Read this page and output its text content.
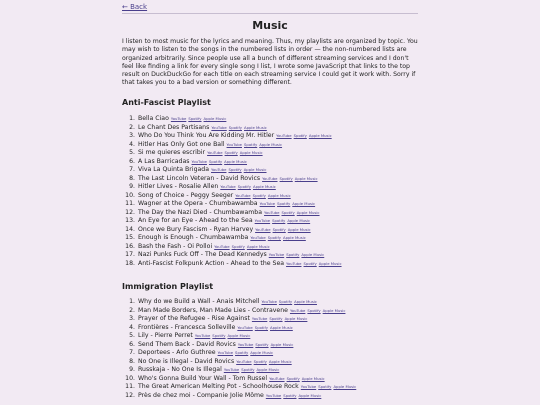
← Back
Music

I listen to most music for the lyrics and meaning. Thus, my playlists are organized by topic. You may wish to listen to the songs in the numbered lists in order — the non-numbered lists are organized arbitrarily. Since people use all a bunch of different streaming services and I don't feel like finding a link for every single song I list, I wrote some JavaScript that links to the top result on DuckDuckGo for each title on each streaming service I could get it work with. Sorry if that takes you to a bad version or something different.

Anti-Fascist Playlist
1. Bella Ciao YouTube Spotify Apple Music
2. Le Chant Des Partisans YouTube Spotify Apple Music
3. Who Do You Think You Are Kidding Mr. Hitler YouTube Spotify Apple Music
4. Hitler Has Only Got one Ball YouTube Spotify Apple Music
5. Si me quieres escribir YouTube Spotify Apple Music
6. A Las Barricadas YouTube Spotify Apple Music
7. Viva La Quinta Brigada YouTube Spotify Apple Music
8. The Last Lincoln Veteran - David Rovics YouTube Spotify Apple Music
9. Hitler Lives - Rosalie Allen YouTube Spotify Apple Music
10. Song of Choice - Peggy Seeger YouTube Spotify Apple Music
11. Wagner at the Opera - Chumbawamba YouTube Spotify Apple Music
12. The Day the Nazi Died - Chumbawamba YouTube Spotify Apple Music
13. An Eye for an Eye - Ahead to the Sea YouTube Spotify Apple Music
14. Once we Bury Fascism - Ryan Harvey YouTube Spotify Apple Music
15. Enough is Enough - Chumbawamba YouTube Spotify Apple Music
16. Bash the Fash - Oi Polloi YouTube Spotify Apple Music
17. Nazi Punks Fuck Off - The Dead Kennedys YouTube Spotify Apple Music
18. Anti-Fascist Folkpunk Action - Ahead to the Sea YouTube Spotify Apple Music
Immigration Playlist
1. Why do we Build a Wall - Anais Mitchell YouTube Spotify Apple Music
2. Man Made Borders, Man Made Lies - Contravene YouTube Spotify Apple Music
3. Prayer of the Refugee - Rise Against YouTube Spotify Apple Music
4. Frontières - Francesca Solleville YouTube Spotify Apple Music
5. Lily - Pierre Perret YouTube Spotify Apple Music
6. Send Them Back - David Rovics YouTube Spotify Apple Music
7. Deportees - Arlo Guthree YouTube Spotify Apple Music
8. No One is Illegal - David Rovics YouTube Spotify Apple Music
9. Russkaja - No One Is Illegal YouTube Spotify Apple Music
10. Who's Gonna Build Your Wall - Tom Russel YouTube Spotify Apple Music
11. The Great American Melting Pot - Schoolhouse Rock YouTube Spotify Apple Music
12. Près de chez moi - Companie Jolie Môme YouTube Spotify Apple Music
